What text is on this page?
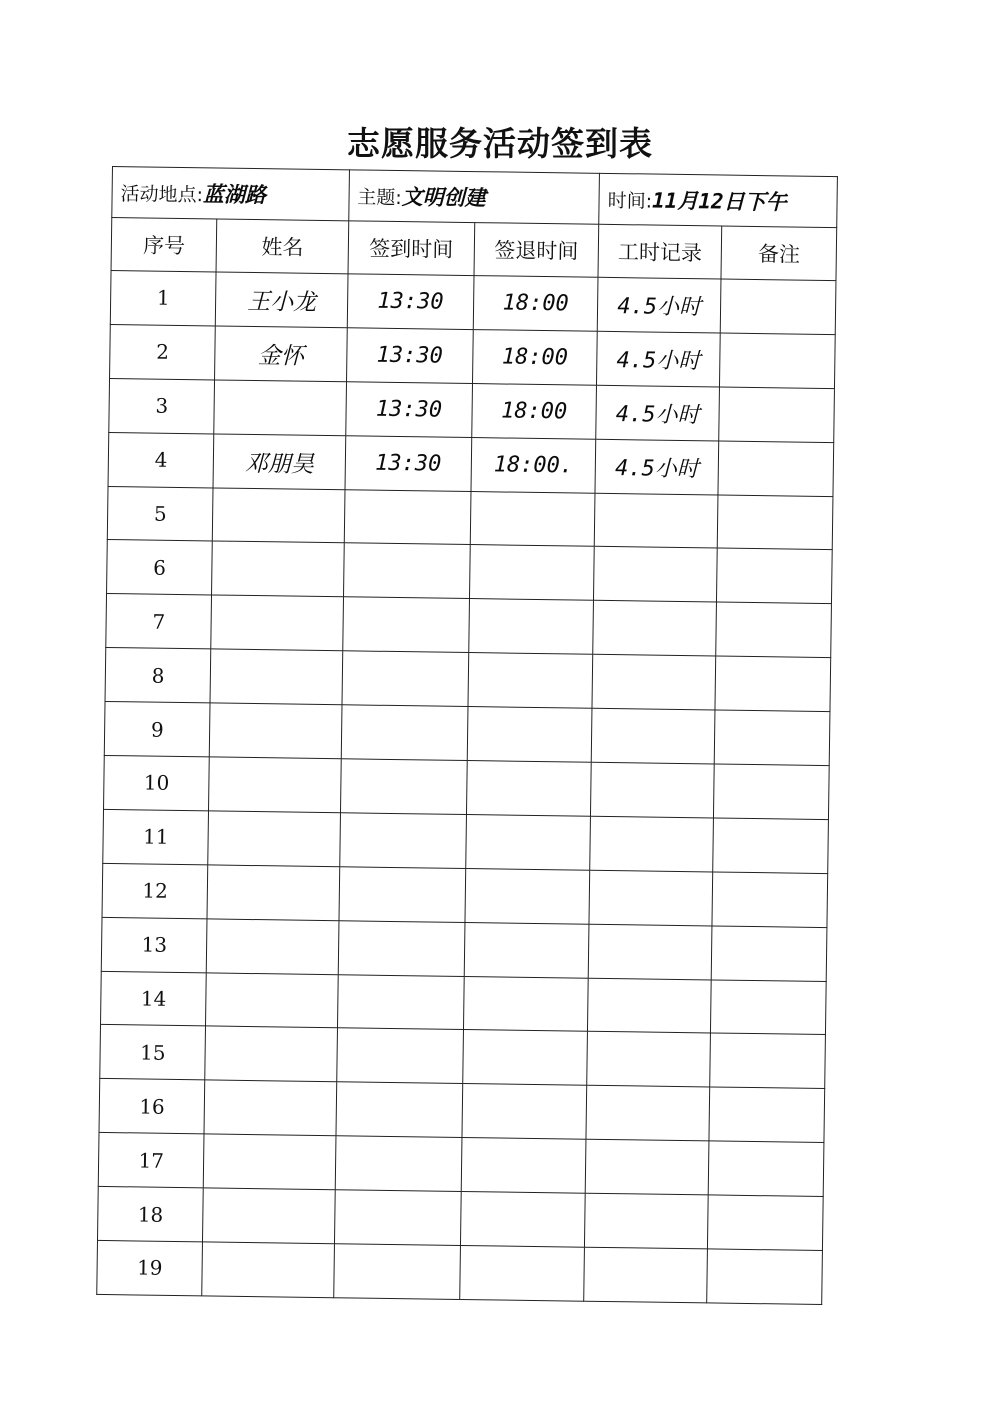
志愿服务活动签到表
活动地点:蓝湖路		主题:文明创建		时间:11月12日下午	
序号	姓名	签到时间	签退时间	工时记录	备注
1	王小龙	13:30	18:00	4.5小时	
2	金怀	13:30	18:00	4.5小时	
3		13:30	18:00	4.5小时	
4	邓朋昊	13:30	18:00.	4.5小时	
5					
6					
7					
8					
9					
10					
11					
12					
13					
14					
15					
16					
17					
18					
19					
